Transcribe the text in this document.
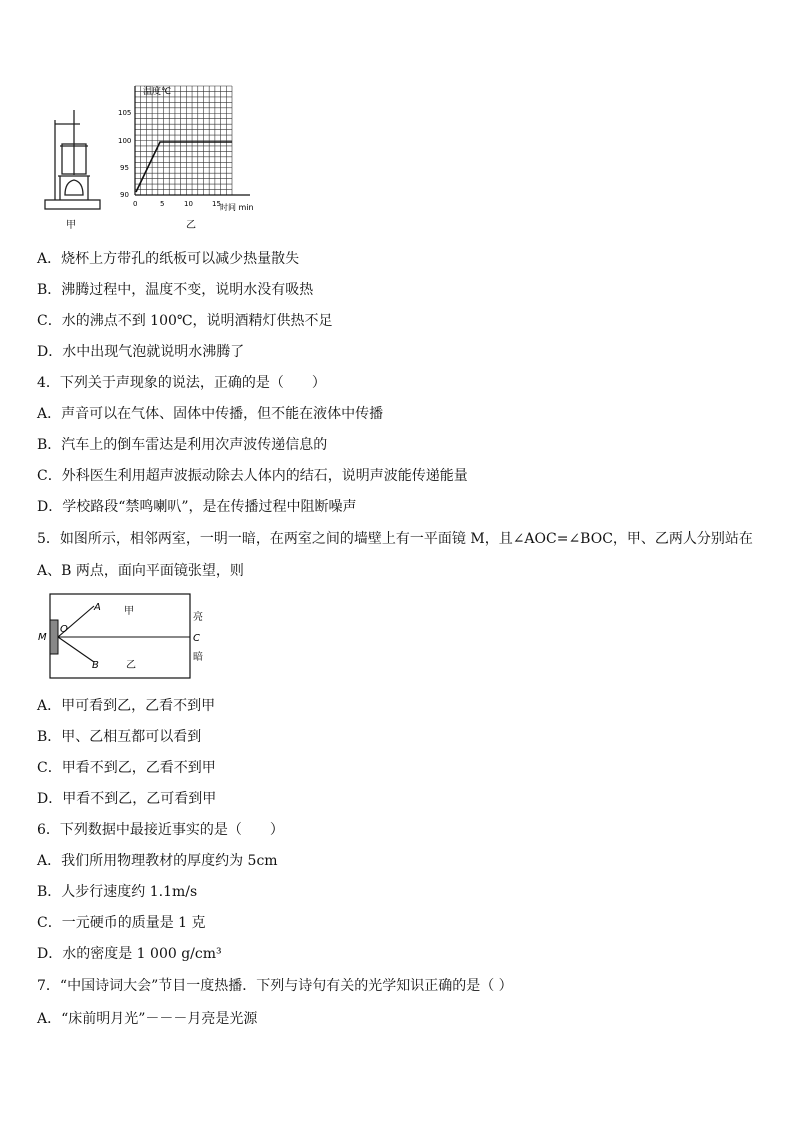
甲
温度℃
时间 min
105
100
95
90
0	5	10	15
乙
A．烧杯上方带孔的纸板可以减少热量散失
B．沸腾过程中，温度不变，说明水没有吸热
C．水的沸点不到 100℃，说明酒精灯供热不足
D．水中出现气泡就说明水沸腾了
4．下列关于声现象的说法，正确的是（　　）
A．声音可以在气体、固体中传播，但不能在液体中传播
B．汽车上的倒车雷达是利用次声波传递信息的
C．外科医生利用超声波振动除去人体内的结石，说明声波能传递能量
D．学校路段“禁鸣喇叭”，是在传播过程中阻断噪声
5．如图所示，相邻两室，一明一暗，在两室之间的墙壁上有一平面镜 M，且∠AOC=∠BOC，甲、乙两人分别站在
A、B 两点，面向平面镜张望，则
M
O
A
B
C
甲
乙
亮
暗
A．甲可看到乙，乙看不到甲
B．甲、乙相互都可以看到
C．甲看不到乙，乙看不到甲
D．甲看不到乙，乙可看到甲
6．下列数据中最接近事实的是（　　）
A．我们所用物理教材的厚度约为 5cm
B．人步行速度约 1.1m/s
C．一元硬币的质量是 1 克
D．水的密度是 1 000 g/cm³
7．“中国诗词大会”节目一度热播．下列与诗句有关的光学知识正确的是（ ）
A．“床前明月光”－－－月亮是光源
